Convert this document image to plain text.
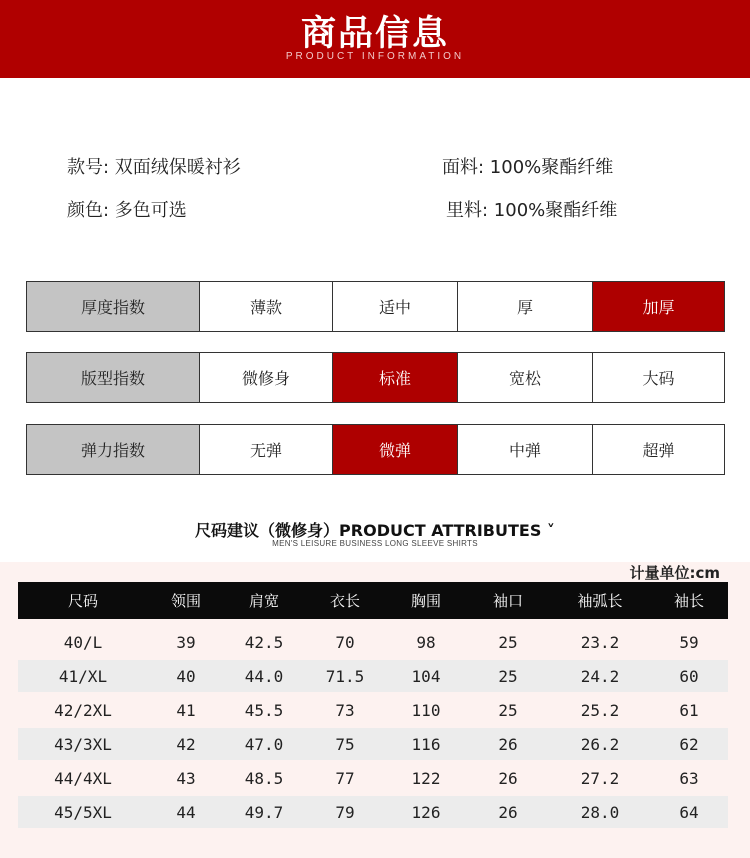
商品信息
PRODUCT INFORMATION
款号: 双面绒保暖衬衫	面料: 100%聚酯纤维
颜色: 多色可选	里料: 100%聚酯纤维
厚度指数	薄款	适中	厚	加厚
版型指数	微修身	标准	宽松	大码
弹力指数	无弹	微弹	中弹	超弹
尺码建议（微修身）PRODUCT ATTRIBUTES ˅
MEN'S LEISURE BUSINESS LONG SLEEVE SHIRTS
计量单位:cm
尺码	领围	肩宽	衣长	胸围	袖口	袖弧长	袖长
40/L	39	42.5	70	98	25	23.2	59
41/XL	40	44.0	71.5	104	25	24.2	60
42/2XL	41	45.5	73	110	25	25.2	61
43/3XL	42	47.0	75	116	26	26.2	62
44/4XL	43	48.5	77	122	26	27.2	63
45/5XL	44	49.7	79	126	26	28.0	64
